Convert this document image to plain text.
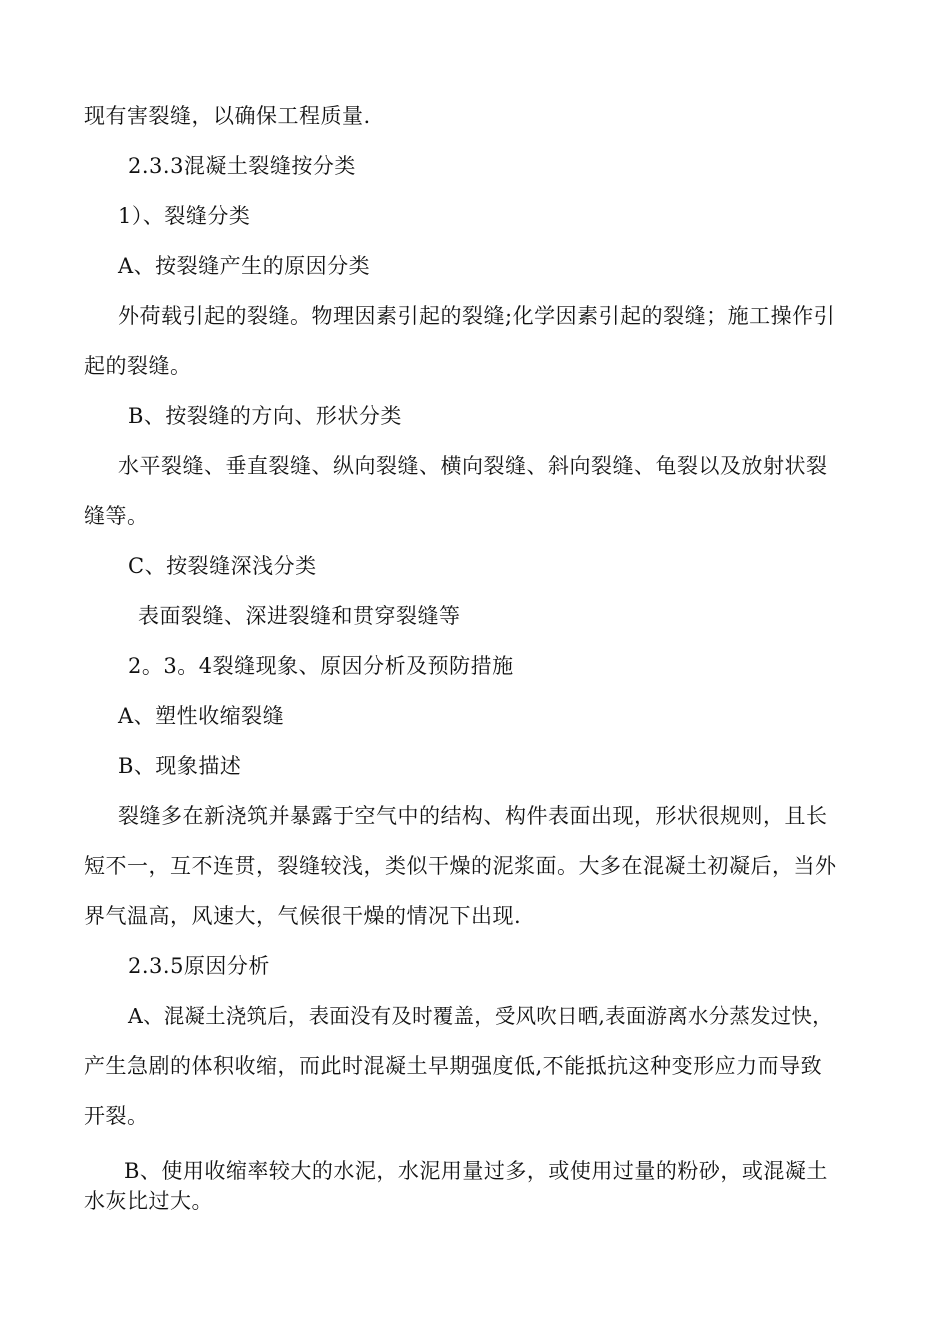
现有害裂缝，以确保工程质量.
2.3.3混凝土裂缝按分类
1）、裂缝分类
A、按裂缝产生的原因分类
外荷载引起的裂缝。物理因素引起的裂缝;化学因素引起的裂缝；施工操作引
起的裂缝。
B、按裂缝的方向、形状分类
水平裂缝、垂直裂缝、纵向裂缝、横向裂缝、斜向裂缝、龟裂以及放射状裂
缝等。
C、按裂缝深浅分类
表面裂缝、深进裂缝和贯穿裂缝等
2。3。4裂缝现象、原因分析及预防措施
A、塑性收缩裂缝
B、现象描述
裂缝多在新浇筑并暴露于空气中的结构、构件表面出现，形状很规则，且长
短不一，互不连贯，裂缝较浅，类似干燥的泥浆面。大多在混凝土初凝后，当外
界气温高，风速大，气候很干燥的情况下出现.
2.3.5原因分析
A、混凝土浇筑后，表面没有及时覆盖，受风吹日晒,表面游离水分蒸发过快，
产生急剧的体积收缩，而此时混凝土早期强度低,不能抵抗这种变形应力而导致
开裂。
B、使用收缩率较大的水泥，水泥用量过多，或使用过量的粉砂，或混凝土
水灰比过大。
